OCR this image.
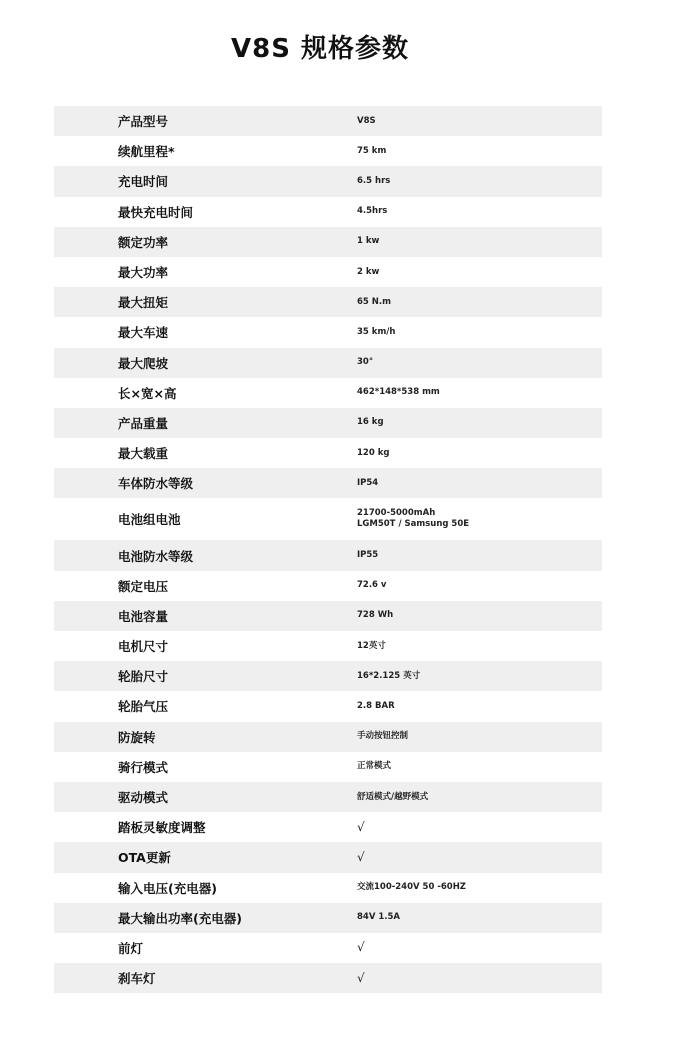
V8S 规格参数
产品型号	V8S
续航里程*	75 km
充电时间	6.5 hrs
最快充电时间	4.5hrs
额定功率	1 kw
最大功率	2 kw
最大扭矩	65 N.m
最大车速	35 km/h
最大爬坡	30°
长×宽×高	462*148*538 mm
产品重量	16 kg
最大载重	120 kg
车体防水等级	IP54
电池组电池	21700-5000mAh
LGM50T / Samsung 50E
电池防水等级	IP55
额定电压	72.6 v
电池容量	728 Wh
电机尺寸	12英寸
轮胎尺寸	16*2.125 英寸
轮胎气压	2.8 BAR
防旋转	手动按钮控制
骑行模式	正常模式
驱动模式	舒适模式/越野模式
踏板灵敏度调整	√
OTA更新	√
输入电压(充电器)	交流100-240V 50 -60HZ
最大输出功率(充电器)	84V 1.5A
前灯	√
刹车灯	√
